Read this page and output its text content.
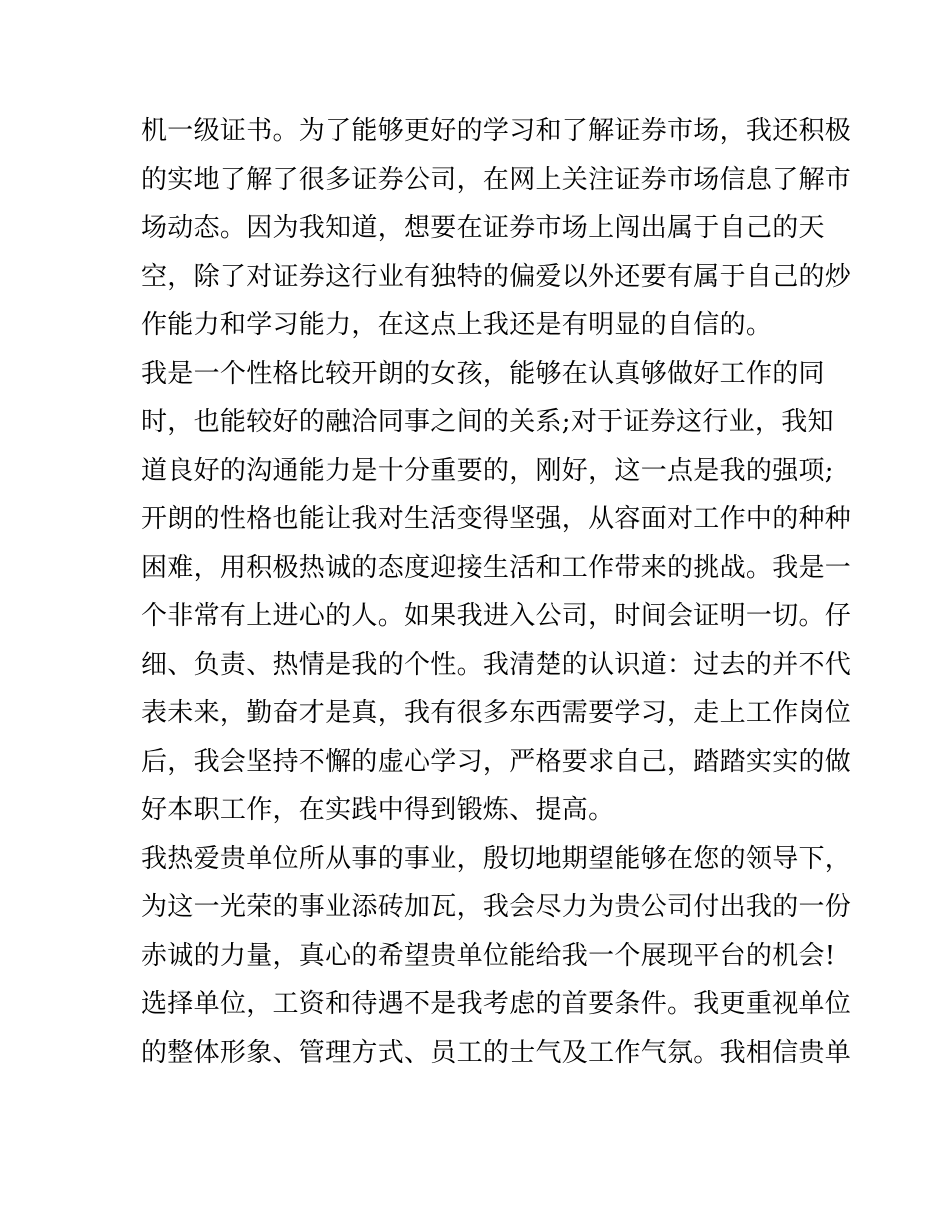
机一级证书。为了能够更好的学习和了解证券市场，我还积极
的实地了解了很多证券公司，在网上关注证券市场信息了解市
场动态。因为我知道，想要在证券市场上闯出属于自己的天
空，除了对证券这行业有独特的偏爱以外还要有属于自己的炒
作能力和学习能力，在这点上我还是有明显的自信的。
我是一个性格比较开朗的女孩，能够在认真够做好工作的同
时，也能较好的融洽同事之间的关系;对于证券这行业，我知
道良好的沟通能力是十分重要的，刚好，这一点是我的强项;
开朗的性格也能让我对生活变得坚强，从容面对工作中的种种
困难，用积极热诚的态度迎接生活和工作带来的挑战。我是一
个非常有上进心的人。如果我进入公司，时间会证明一切。仔
细、负责、热情是我的个性。我清楚的认识道：过去的并不代
表未来，勤奋才是真，我有很多东西需要学习，走上工作岗位
后，我会坚持不懈的虚心学习，严格要求自己，踏踏实实的做
好本职工作，在实践中得到锻炼、提高。
我热爱贵单位所从事的事业，殷切地期望能够在您的领导下，
为这一光荣的事业添砖加瓦，我会尽力为贵公司付出我的一份
赤诚的力量，真心的希望贵单位能给我一个展现平台的机会!
选择单位，工资和待遇不是我考虑的首要条件。我更重视单位
的整体形象、管理方式、员工的士气及工作气氛。我相信贵单
